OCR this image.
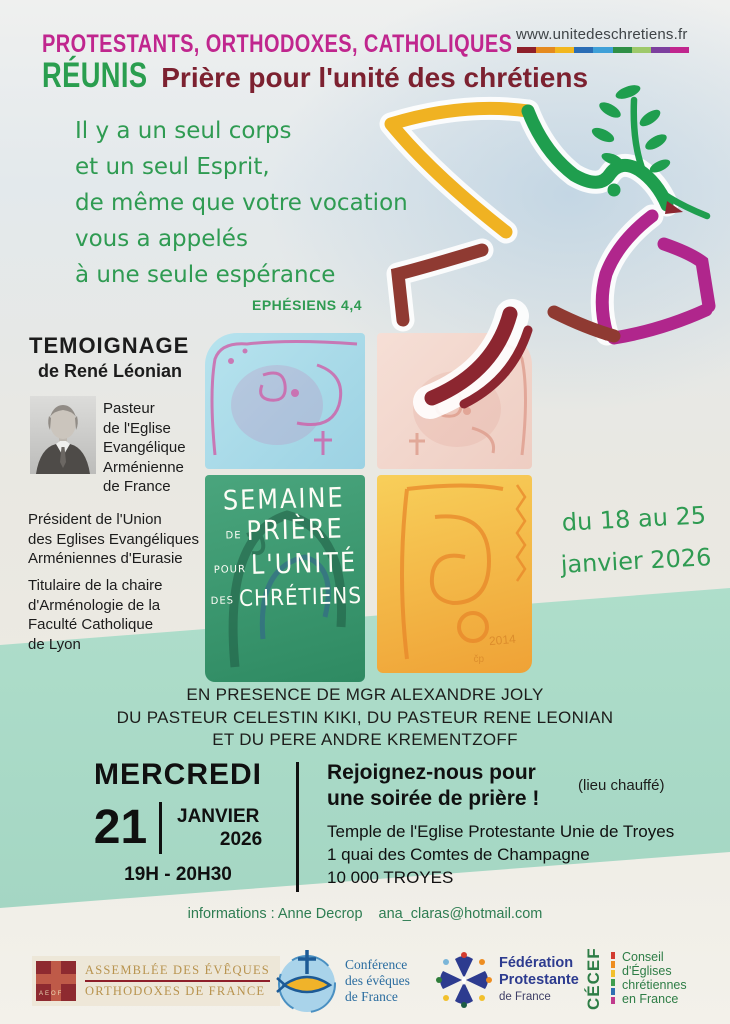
PROTESTANTS, ORTHODOXES, CATHOLIQUES
RÉUNIS Prière pour l'unité des chrétiens
www.unitedeschretiens.fr
Il y a un seul corps
et un seul Esprit,
de même que votre vocation
vous a appelés
à une seule espérance
EPHÉSIENS 4,4
TEMOIGNAGE
de René Léonian
Pasteur
de l'Eglise
Evangélique
Arménienne
de France
Président de l'Union
des Eglises Evangéliques
Arméniennes d'Eurasie
Titulaire de la chaire
d'Arménologie de la
Faculté Catholique
de Lyon
SEMAINE
DE PRIÈRE
POUR L'UNITÉ
DES CHRÉTIENS
2014
čp
du 18 au 25
janvier 2026
EN PRESENCE DE MGR ALEXANDRE JOLY
DU PASTEUR CELESTIN KIKI, DU PASTEUR RENE LEONIAN
ET DU PERE ANDRE KREMENTZOFF
MERCREDI
21 JANVIER
2026
19H - 20H30
Rejoignez-nous pour
une soirée de prière !
(lieu chauffé)
Temple de l'Eglise Protestante Unie de Troyes
1 quai des Comtes de Champagne
10 000 TROYES
informations : Anne Decrop ana_claras@hotmail.com
AEOF
ASSEMBLÉE DES ÉVÊQUES
ORTHODOXES DE FRANCE
Conférence
des évêques
de France
Fédération
Protestante
de France	CÉCEF Conseil
d'Églises
chrétiennes
en France
